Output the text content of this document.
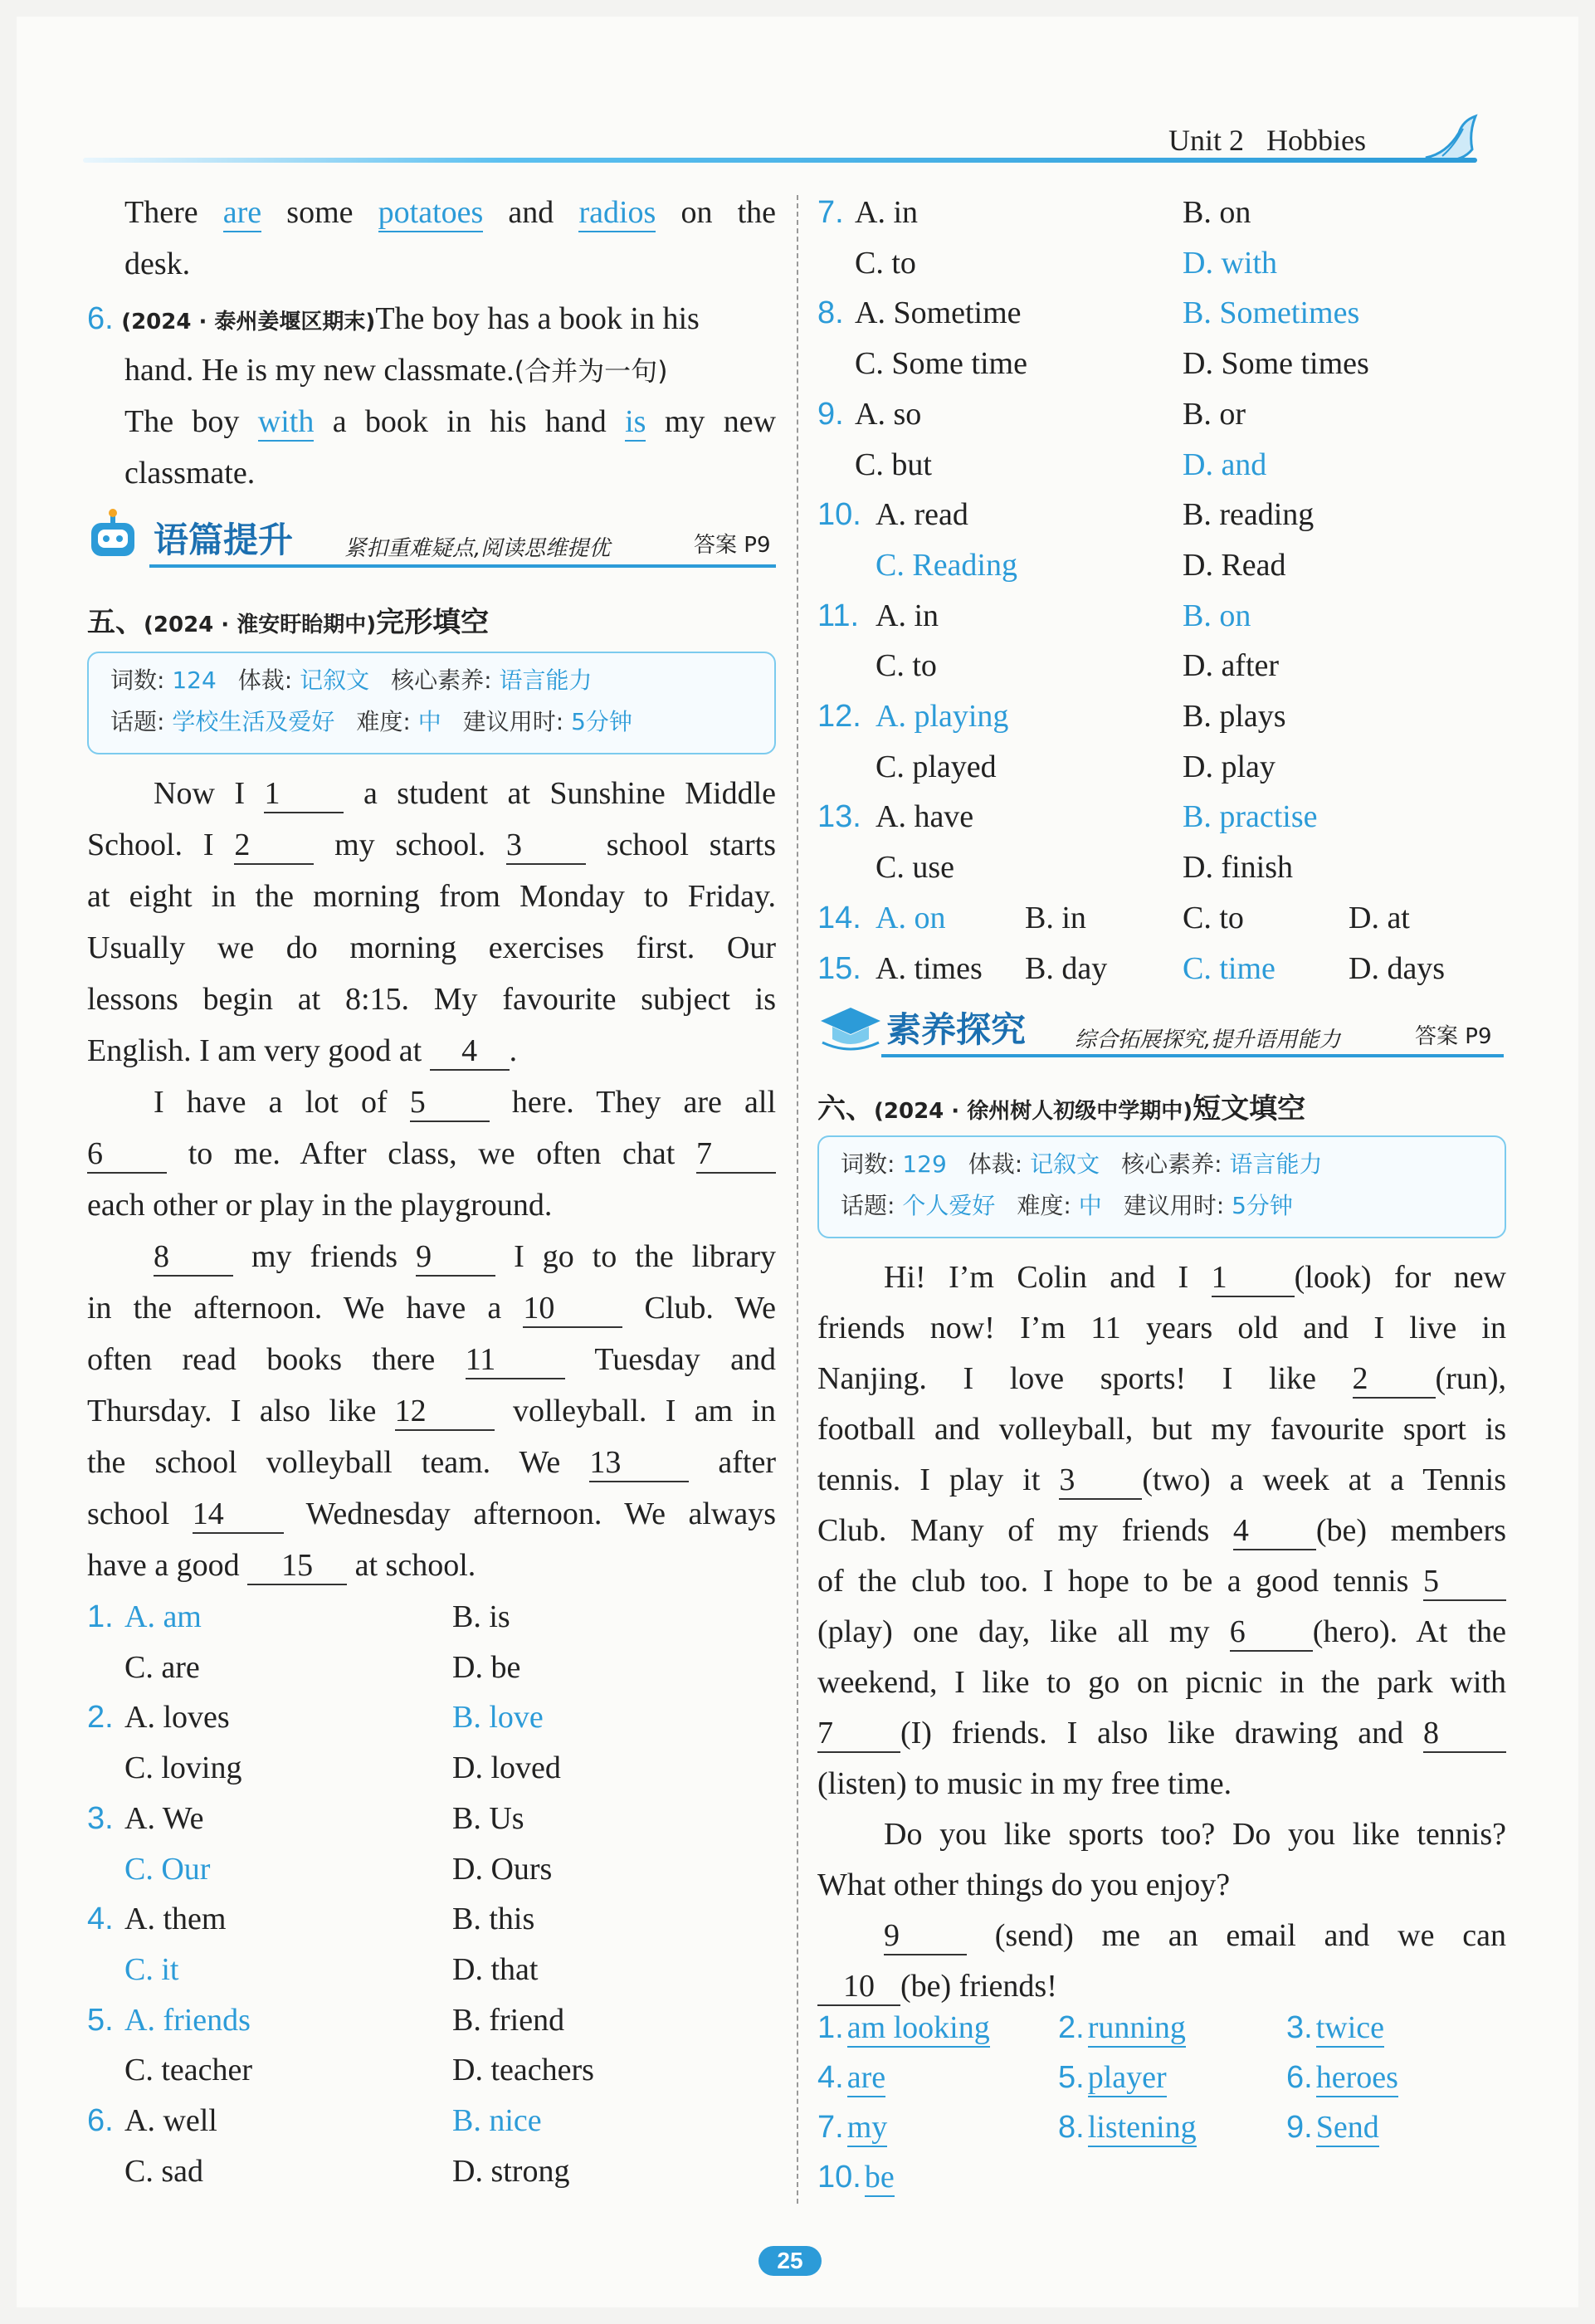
Unit 2 Hobbies
There are some potatoes and radios on the
desk.
6. (2024 · 泰州姜堰区期末)The boy has a book in his
hand. He is my new classmate.(合并为一句)
The boy with a book in his hand is my new
classmate.
语篇提升 紧扣重难疑点,阅读思维提优	答案 P9
五、(2024 · 淮安盱眙期中)完形填空
词数: 124 体裁: 记叙文 核心素养: 语言能力
话题: 学校生活及爱好 难度: 中 建议用时: 5分钟
Now I 1	a student at Sunshine Middle
School. I 2	my school. 3	school starts
at eight in the morning from Monday to Friday.
Usually we do morning exercises first. Our
lessons begin at 8:15. My favourite subject is
English. I am very good at 4 .
I have a lot of 5	here. They are all
6	to me. After class, we often chat 7
each other or play in the playground.
8	my friends 9	I go to the library
in the afternoon. We have a 10	Club. We
often read books there 11	Tuesday and
Thursday. I also like 12	volleyball. I am in
the school volleyball team. We 13	after
school 14	Wednesday afternoon. We always
have a good 15 at school.
1. A. am	B. is
C. are	D. be
2. A. loves	B. love
C. loving	D. loved
3. A. We	B. Us
C. Our	D. Ours
4. A. them	B. this
C. it	D. that
5. A. friends	B. friend
C. teacher	D. teachers
6. A. well	B. nice
C. sad	D. strong
7. A. in	B. on
C. to	D. with
8. A. Sometime	B. Sometimes
C. Some time	D. Some times
9. A. so	B. or
C. but	D. and
10. A. read	B. reading
C. Reading	D. Read
11. A. in	B. on
C. to	D. after
12. A. playing	B. plays
C. played	D. play
13. A. have	B. practise
C. use	D. finish
14. A. on	B. in	C. to	D. at
15. A. times B. day C. time D. days
素养探究 综合拓展探究,提升语用能力	答案 P9
六、(2024 · 徐州树人初级中学期中)短文填空
词数: 129 体裁: 记叙文 核心素养: 语言能力
话题: 个人爱好 难度: 中 建议用时: 5分钟
Hi! I’m Colin and I 1 (look) for new
friends now! I’m 11 years old and I live in
Nanjing. I love sports! I like 2 (run),
football and volleyball, but my favourite sport is
tennis. I play it 3 (two) a week at a Tennis
Club. Many of my friends 4 (be) members
of the club too. I hope to be a good tennis 5
(play) one day, like all my 6 (hero). At the
weekend, I like to go on picnic in the park with
7 (I) friends. I also like drawing and 8
(listen) to music in my free time.
Do you like sports too? Do you like tennis?
What other things do you enjoy?
9	(send) me an email and we can
10 (be) friends!
1. am looking 2. running	3. twice
4. are	5. player	6. heroes
7. my	8. listening	9. Send
10. be
25
